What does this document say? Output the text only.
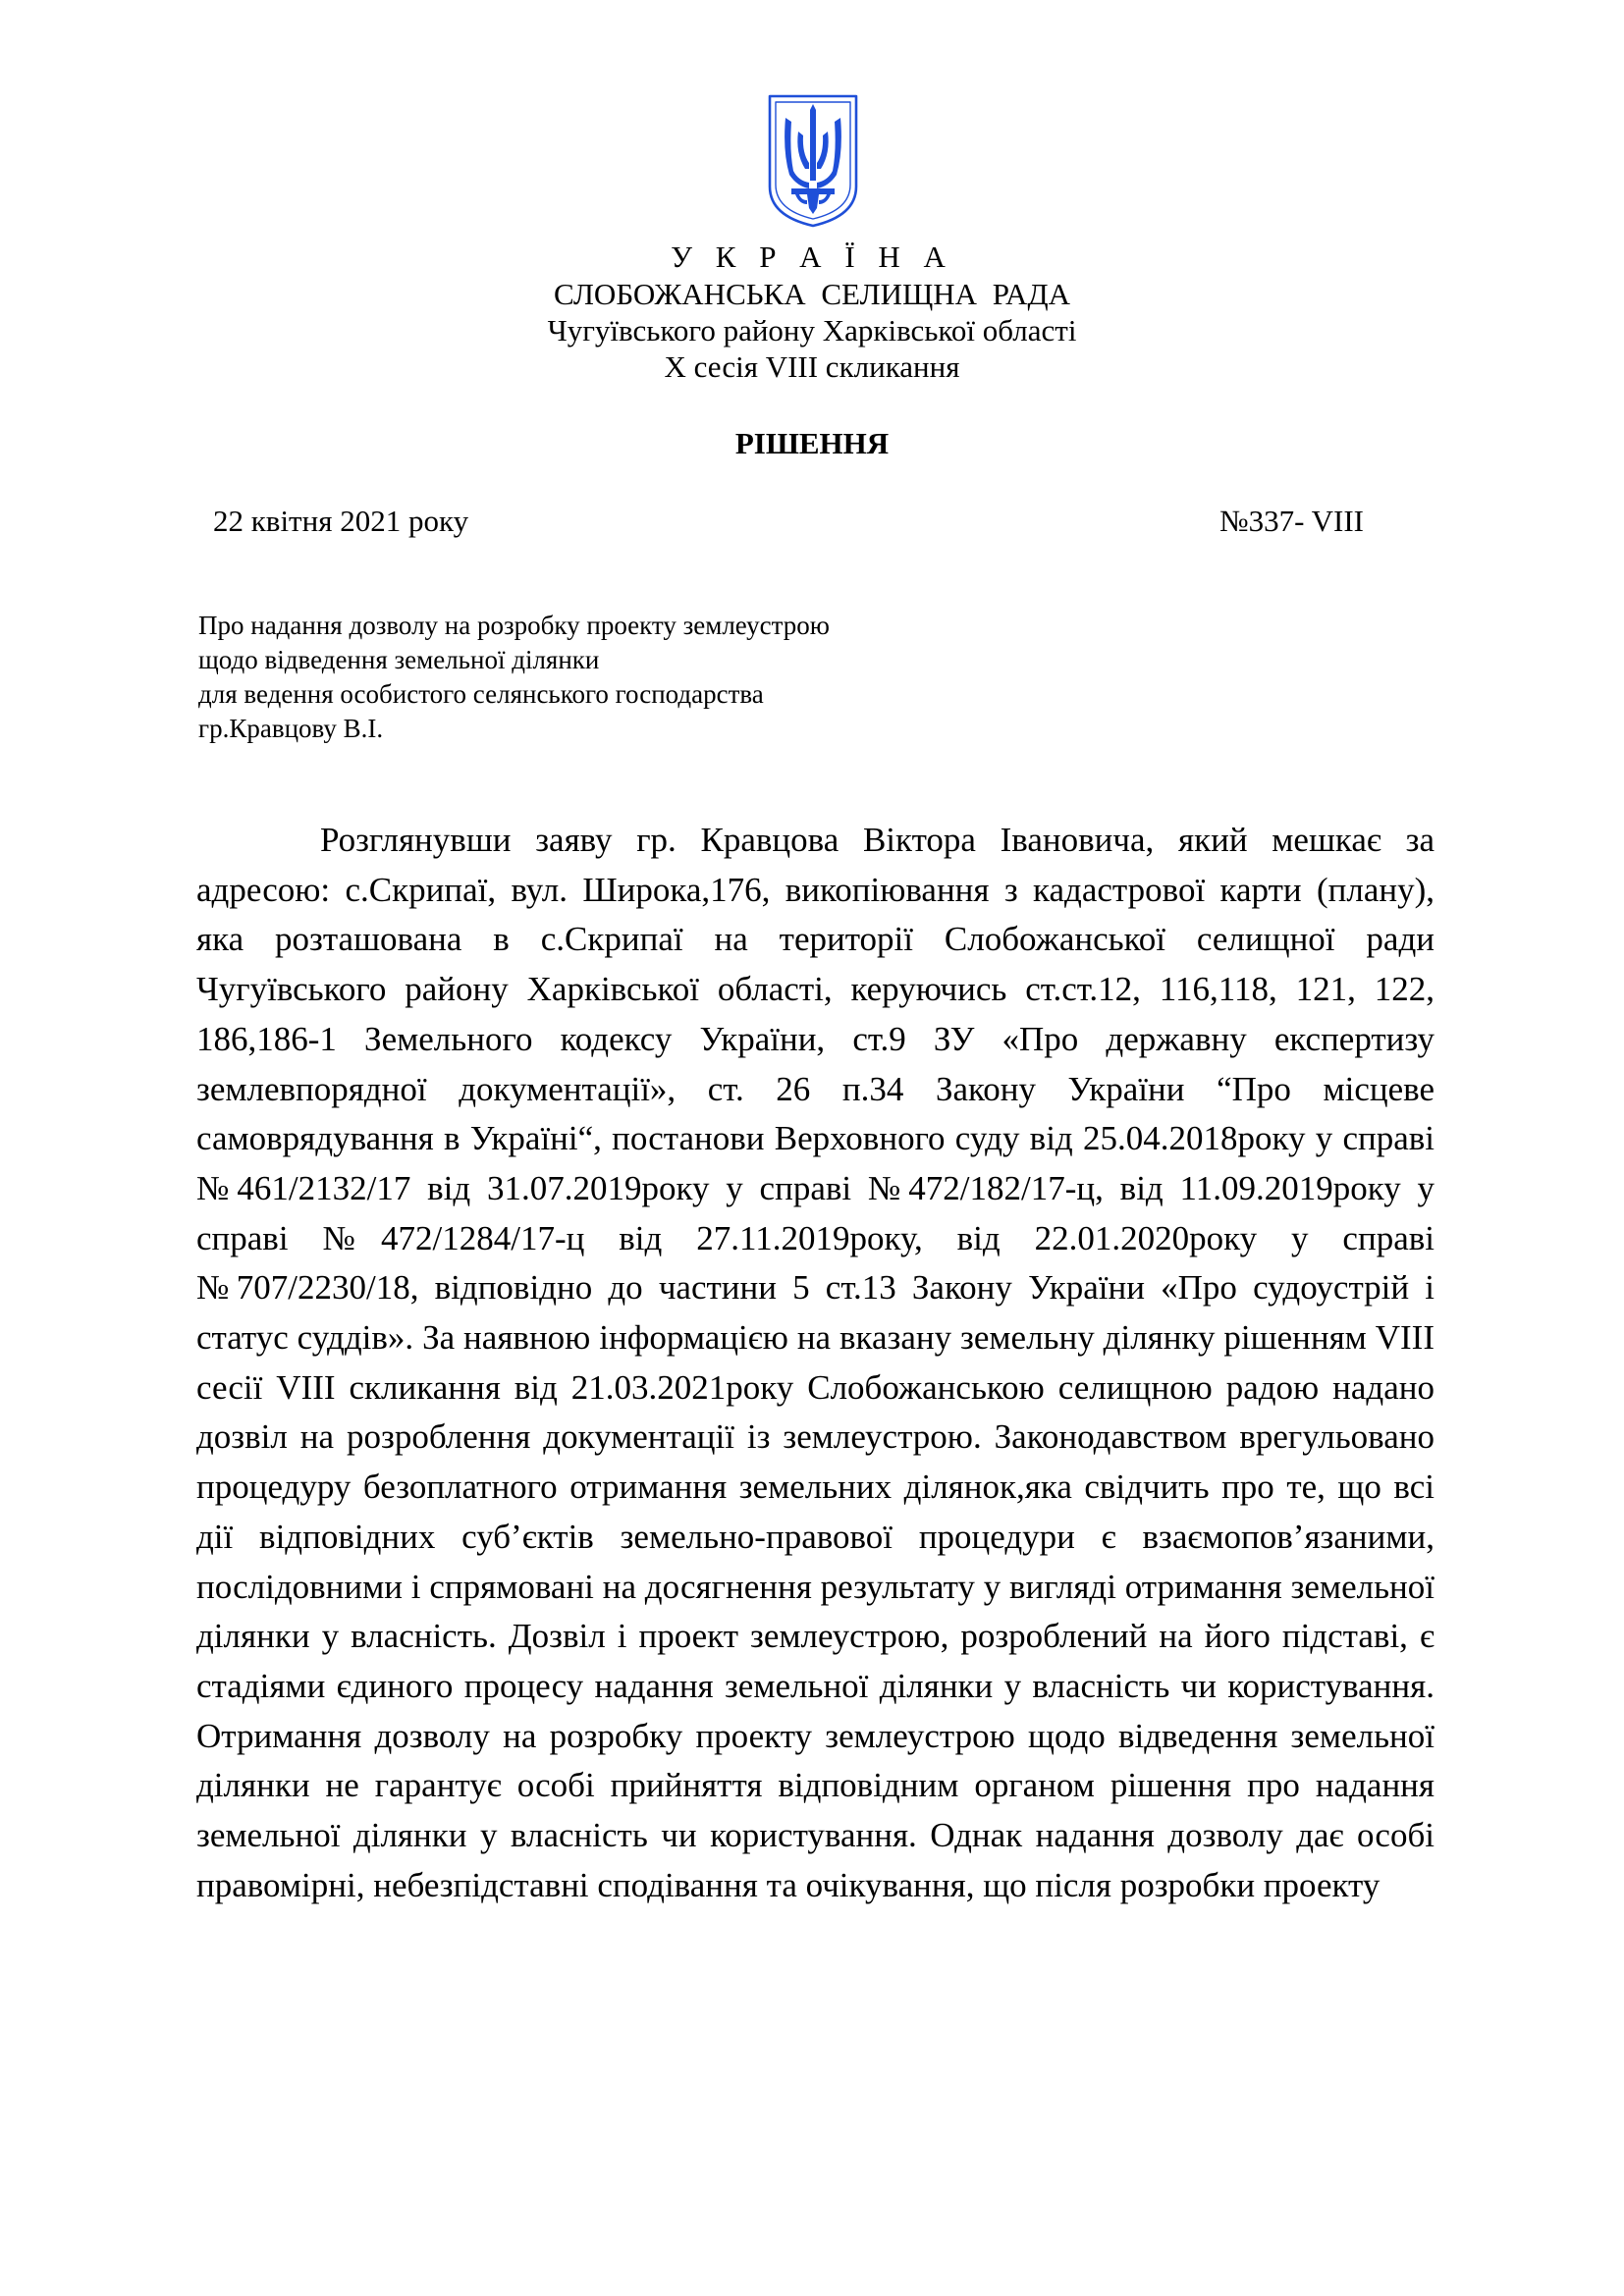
У К Р А Ї Н А
СЛОБОЖАНСЬКА СЕЛИЩНА РАДА
Чугуївського району Харківської області
X сесія VIII скликання
РІШЕННЯ
22 квітня 2021 року	№337- VIII
Про надання дозволу на розробку проекту землеустрою
щодо відведення земельної ділянки
для ведення особистого селянського господарства
гр.Кравцову В.І.

Розглянувши заяву гр. Кравцова Віктора Івановича, який мешкає за адресою: с.Скрипаї, вул. Широка,176, викопіювання з кадастрової карти (плану), яка розташована в с.Скрипаї на території Слобожанської селищної ради Чугуївського району Харківської області, керуючись ст.ст.12, 116,118, 121, 122, 186,186-1 Земельного кодексу України, ст.9 ЗУ «Про державну експертизу землевпорядної документації», ст. 26 п.34 Закону України “Про місцеве самоврядування в Україні“, постанови Верховного суду від 25.04.2018року у справі №461/2132/17 від 31.07.2019року у справі №472/182/17-ц, від 11.09.2019року у справі №472/1284/17-ц від 27.11.2019року, від 22.01.2020року у справі №707/2230/18, відповідно до частини 5 ст.13 Закону України «Про судоустрій і статус суддів». За наявною інформацією на вказану земельну ділянку рішенням VIII сесії VIII скликання від 21.03.2021року Слобожанською селищною радою надано дозвіл на розроблення документації із землеустрою. Законодавством врегульовано процедуру безоплатного отримання земельних ділянок,яка свідчить про те, що всі дії відповідних суб’єктів земельно-правової процедури є взаємопов’язаними, послідовними і спрямовані на досягнення результату у вигляді отримання земельної ділянки у власність. Дозвіл і проект землеустрою, розроблений на його підставі, є стадіями єдиного процесу надання земельної ділянки у власність чи користування. Отримання дозволу на розробку проекту землеустрою щодо відведення земельної ділянки не гарантує особі прийняття відповідним органом рішення про надання земельної ділянки у власність чи користування. Однак надання дозволу дає особі правомірні, небезпідставні сподівання та очікування, що після розробки проекту
